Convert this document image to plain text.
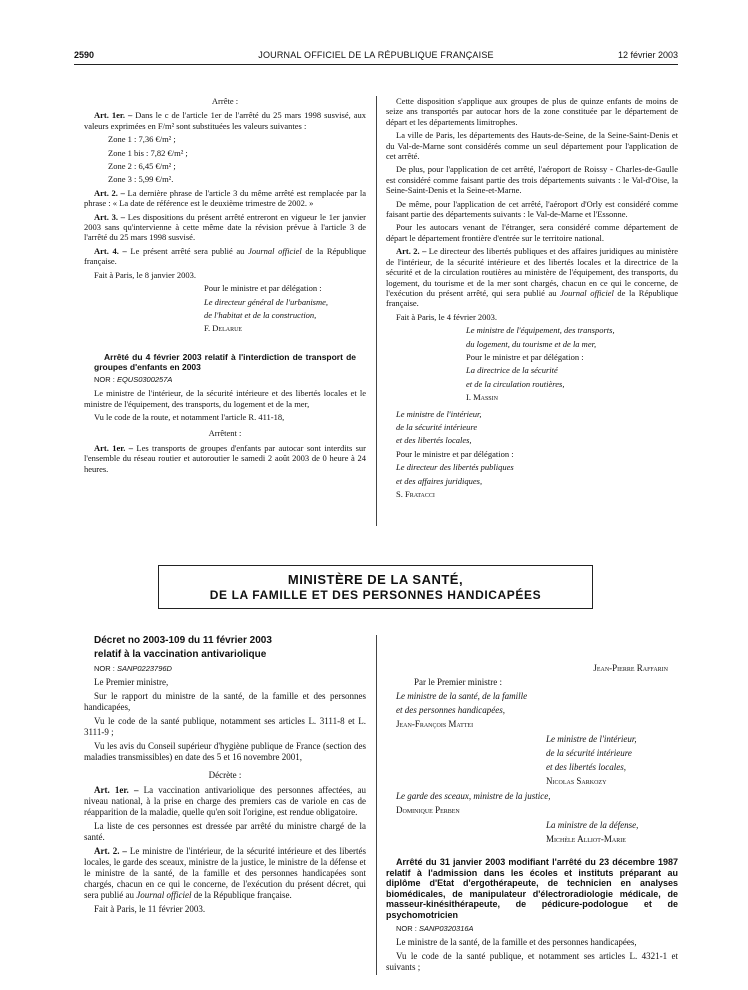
2590	JOURNAL OFFICIEL DE LA RÉPUBLIQUE FRANÇAISE	12 février 2003

Arrête :

Art. 1er. – Dans le c de l'article 1er de l'arrêté du 25 mars 1998 susvisé, aux valeurs exprimées en F/m² sont substituées les valeurs suivantes :

Zone 1 : 7,36 €/m² ;

Zone 1 bis : 7,82 €/m² ;

Zone 2 : 6,45 €/m² ;

Zone 3 : 5,99 €/m².

Art. 2. – La dernière phrase de l'article 3 du même arrêté est remplacée par la phrase : « La date de référence est le deuxième trimestre de 2002. »

Art. 3. – Les dispositions du présent arrêté entreront en vigueur le 1er janvier 2003 sans qu'intervienne à cette même date la révision prévue à l'article 3 de l'arrêté du 25 mars 1998 susvisé.

Art. 4. – Le présent arrêté sera publié au Journal officiel de la République française.

Fait à Paris, le 8 janvier 2003.

Pour le ministre et par délégation :

Le directeur général de l'urbanisme,

de l'habitat et de la construction,

F. Delarue

Arrêté du 4 février 2003 relatif à l'interdiction de transport de groupes d'enfants en 2003

NOR : EQUS0300257A

Le ministre de l'intérieur, de la sécurité intérieure et des libertés locales et le ministre de l'équipement, des transports, du logement et de la mer,

Vu le code de la route, et notamment l'article R. 411-18,

Arrêtent :

Art. 1er. – Les transports de groupes d'enfants par autocar sont interdits sur l'ensemble du réseau routier et autoroutier le samedi 2 août 2003 de 0 heure à 24 heures.

Cette disposition s'applique aux groupes de plus de quinze enfants de moins de seize ans transportés par autocar hors de la zone constituée par le département de départ et les départements limitrophes.

La ville de Paris, les départements des Hauts-de-Seine, de la Seine-Saint-Denis et du Val-de-Marne sont considérés comme un seul département pour l'application de cet arrêté.

De plus, pour l'application de cet arrêté, l'aéroport de Roissy - Charles-de-Gaulle est considéré comme faisant partie des trois départements suivants : le Val-d'Oise, la Seine-Saint-Denis et la Seine-et-Marne.

De même, pour l'application de cet arrêté, l'aéroport d'Orly est considéré comme faisant partie des départements suivants : le Val-de-Marne et l'Essonne.

Pour les autocars venant de l'étranger, sera considéré comme département de départ le département frontière d'entrée sur le territoire national.

Art. 2. – Le directeur des libertés publiques et des affaires juridiques au ministère de l'intérieur, de la sécurité intérieure et des libertés locales et la directrice de la sécurité et de la circulation routières au ministère de l'équipement, des transports, du logement, du tourisme et de la mer sont chargés, chacun en ce qui le concerne, de l'exécution du présent arrêté, qui sera publié au Journal officiel de la République française.

Fait à Paris, le 4 février 2003.

Le ministre de l'équipement, des transports,

du logement, du tourisme et de la mer,

Pour le ministre et par délégation :

La directrice de la sécurité

et de la circulation routières,

I. Massin

Le ministre de l'intérieur,

de la sécurité intérieure

et des libertés locales,

Pour le ministre et par délégation :

Le directeur des libertés publiques

et des affaires juridiques,

S. Fratacci

MINISTÈRE DE LA SANTÉ,
DE LA FAMILLE ET DES PERSONNES HANDICAPÉES

Décret no 2003-109 du 11 février 2003

relatif à la vaccination antivariolique

NOR : SANP0223796D

Le Premier ministre,

Sur le rapport du ministre de la santé, de la famille et des personnes handicapées,

Vu le code de la santé publique, notamment ses articles L. 3111-8 et L. 3111-9 ;

Vu les avis du Conseil supérieur d'hygiène publique de France (section des maladies transmissibles) en date des 5 et 16 novembre 2001,

Décrète :

Art. 1er. – La vaccination antivariolique des personnes affectées, au niveau national, à la prise en charge des premiers cas de variole en cas de réapparition de la maladie, quelle qu'en soit l'origine, est rendue obligatoire.

La liste de ces personnes est dressée par arrêté du ministre chargé de la santé.

Art. 2. – Le ministre de l'intérieur, de la sécurité intérieure et des libertés locales, le garde des sceaux, ministre de la justice, le ministre de la défense et le ministre de la santé, de la famille et des personnes handicapées sont chargés, chacun en ce qui le concerne, de l'exécution du présent décret, qui sera publié au Journal officiel de la République française.

Fait à Paris, le 11 février 2003.

Jean-Pierre Raffarin

Par le Premier ministre :

Le ministre de la santé, de la famille

et des personnes handicapées,

Jean-François Mattei

Le ministre de l'intérieur,

de la sécurité intérieure

et des libertés locales,

Nicolas Sarkozy

Le garde des sceaux, ministre de la justice,

Dominique Perben

La ministre de la défense,

Michèle Alliot-Marie

Arrêté du 31 janvier 2003 modifiant l'arrêté du 23 décembre 1987 relatif à l'admission dans les écoles et instituts préparant au diplôme d'Etat d'ergothérapeute, de technicien en analyses biomédicales, de manipulateur d'électroradiologie médicale, de masseur-kinésithérapeute, de pédicure-podologue et de psychomotricien

NOR : SANP0320316A

Le ministre de la santé, de la famille et des personnes handicapées,

Vu le code de la santé publique, et notamment ses articles L. 4321-1 et suivants ;
